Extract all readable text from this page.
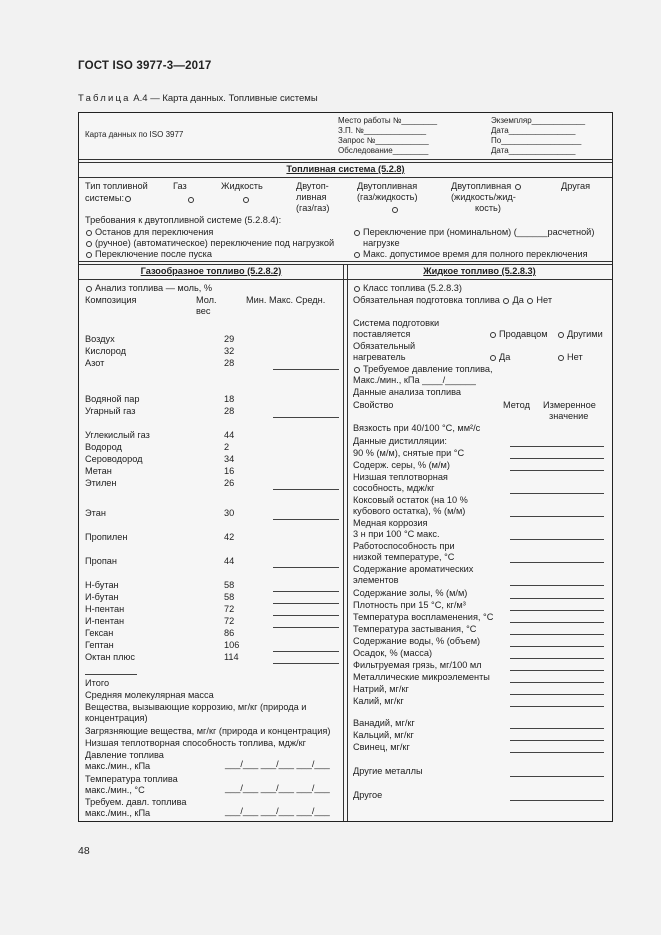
ГОСТ ISO 3977-3—2017
Таблица А.4 — Карта данных. Топливные системы
Карта данных по ISO 3977
Место работы №________	Экземпляр____________
З.П. №______________	Дата_______________
Запрос №____________	По__________________
Обследование________	Дата_______________
Топливная система (5.2.8)
Тип топливной
системы:
Газ	Жидкость	Двутоп-
ливная
(газ/газ)
Двутопливная
(газ/жидкость)
Двутопливная
(жидкость/жид-
кость)
Другая
Требования к двутопливной системе (5.2.8.4):
Останов для переключения
(ручное) (автоматическое) переключение под нагрузкой
Переключение после пуска
Переключение при (номинальном) (______расчетной)
нагрузке
Макс. допустимое время для полного переключения
Газообразное топливо (5.2.8.2)	Жидкое топливо (5.2.8.3)
Анализ топлива — моль, %
Композиция	Мол.
вес
Мин. Макс. Средн.
Воздух	29
Кислород	32
Азот	28
Водяной пар	18
Угарный газ	28
Углекислый газ	44
Водород	2
Сероводород	34
Метан	16
Этилен	26
Этан	30
Пропилен	42
Пропан	44
Н-бутан	58
И-бутан	58
Н-пентан	72
И-пентан	72
Гексан	86
Гептан	106
Октан плюс	114
Итого
Средняя молекулярная масса
Вещества, вызывающие коррозию, мг/кг (природа и
концентрация)
Загрязняющие вещества, мг/кг (природа и концентрация)
Низшая теплотворная способность топлива, мдж/кг
Давление топлива
макс./мин., кПа	___/___ ___/___ ___/___
Температура топлива
макс./мин., °С	___/___ ___/___ ___/___
Требуем. давл. топлива
макс./мин., кПа	___/___ ___/___ ___/___
Класс топлива (5.2.8.3)
Обязательная подготовка топлива Да Нет
Система подготовки
поставляется	Продавцом	Другими
Обязательный
нагреватель	Да	Нет
Требуемое давление топлива,
Макс./мин., кПа ____/______
Данные анализа топлива
Свойство	Метод Измеренное
значение
Вязкость при 40/100 °С, мм²/с
Данные дистилляции:
90 % (м/м), снятые при °С
Содерж. серы, % (м/м)
Низшая теплотворная
сособность, мдж/кг
Коксовый остаток (на 10 %
кубового остатка), % (м/м)
Медная коррозия
3 н при 100 °С макс.
Работоспособность при
низкой температуре, °С
Содержание ароматических
элементов
Содержание золы, % (м/м)
Плотность при 15 °С, кг/м³
Температура воспламенения, °С
Температура застывания, °С
Содержание воды, % (объем)
Осадок, % (масса)
Фильтруемая грязь, мг/100 мл
Металлические микроэлементы
Натрий, мг/кг
Калий, мг/кг
Ванадий, мг/кг
Кальций, мг/кг
Свинец, мг/кг
Другие металлы
Другое
48
